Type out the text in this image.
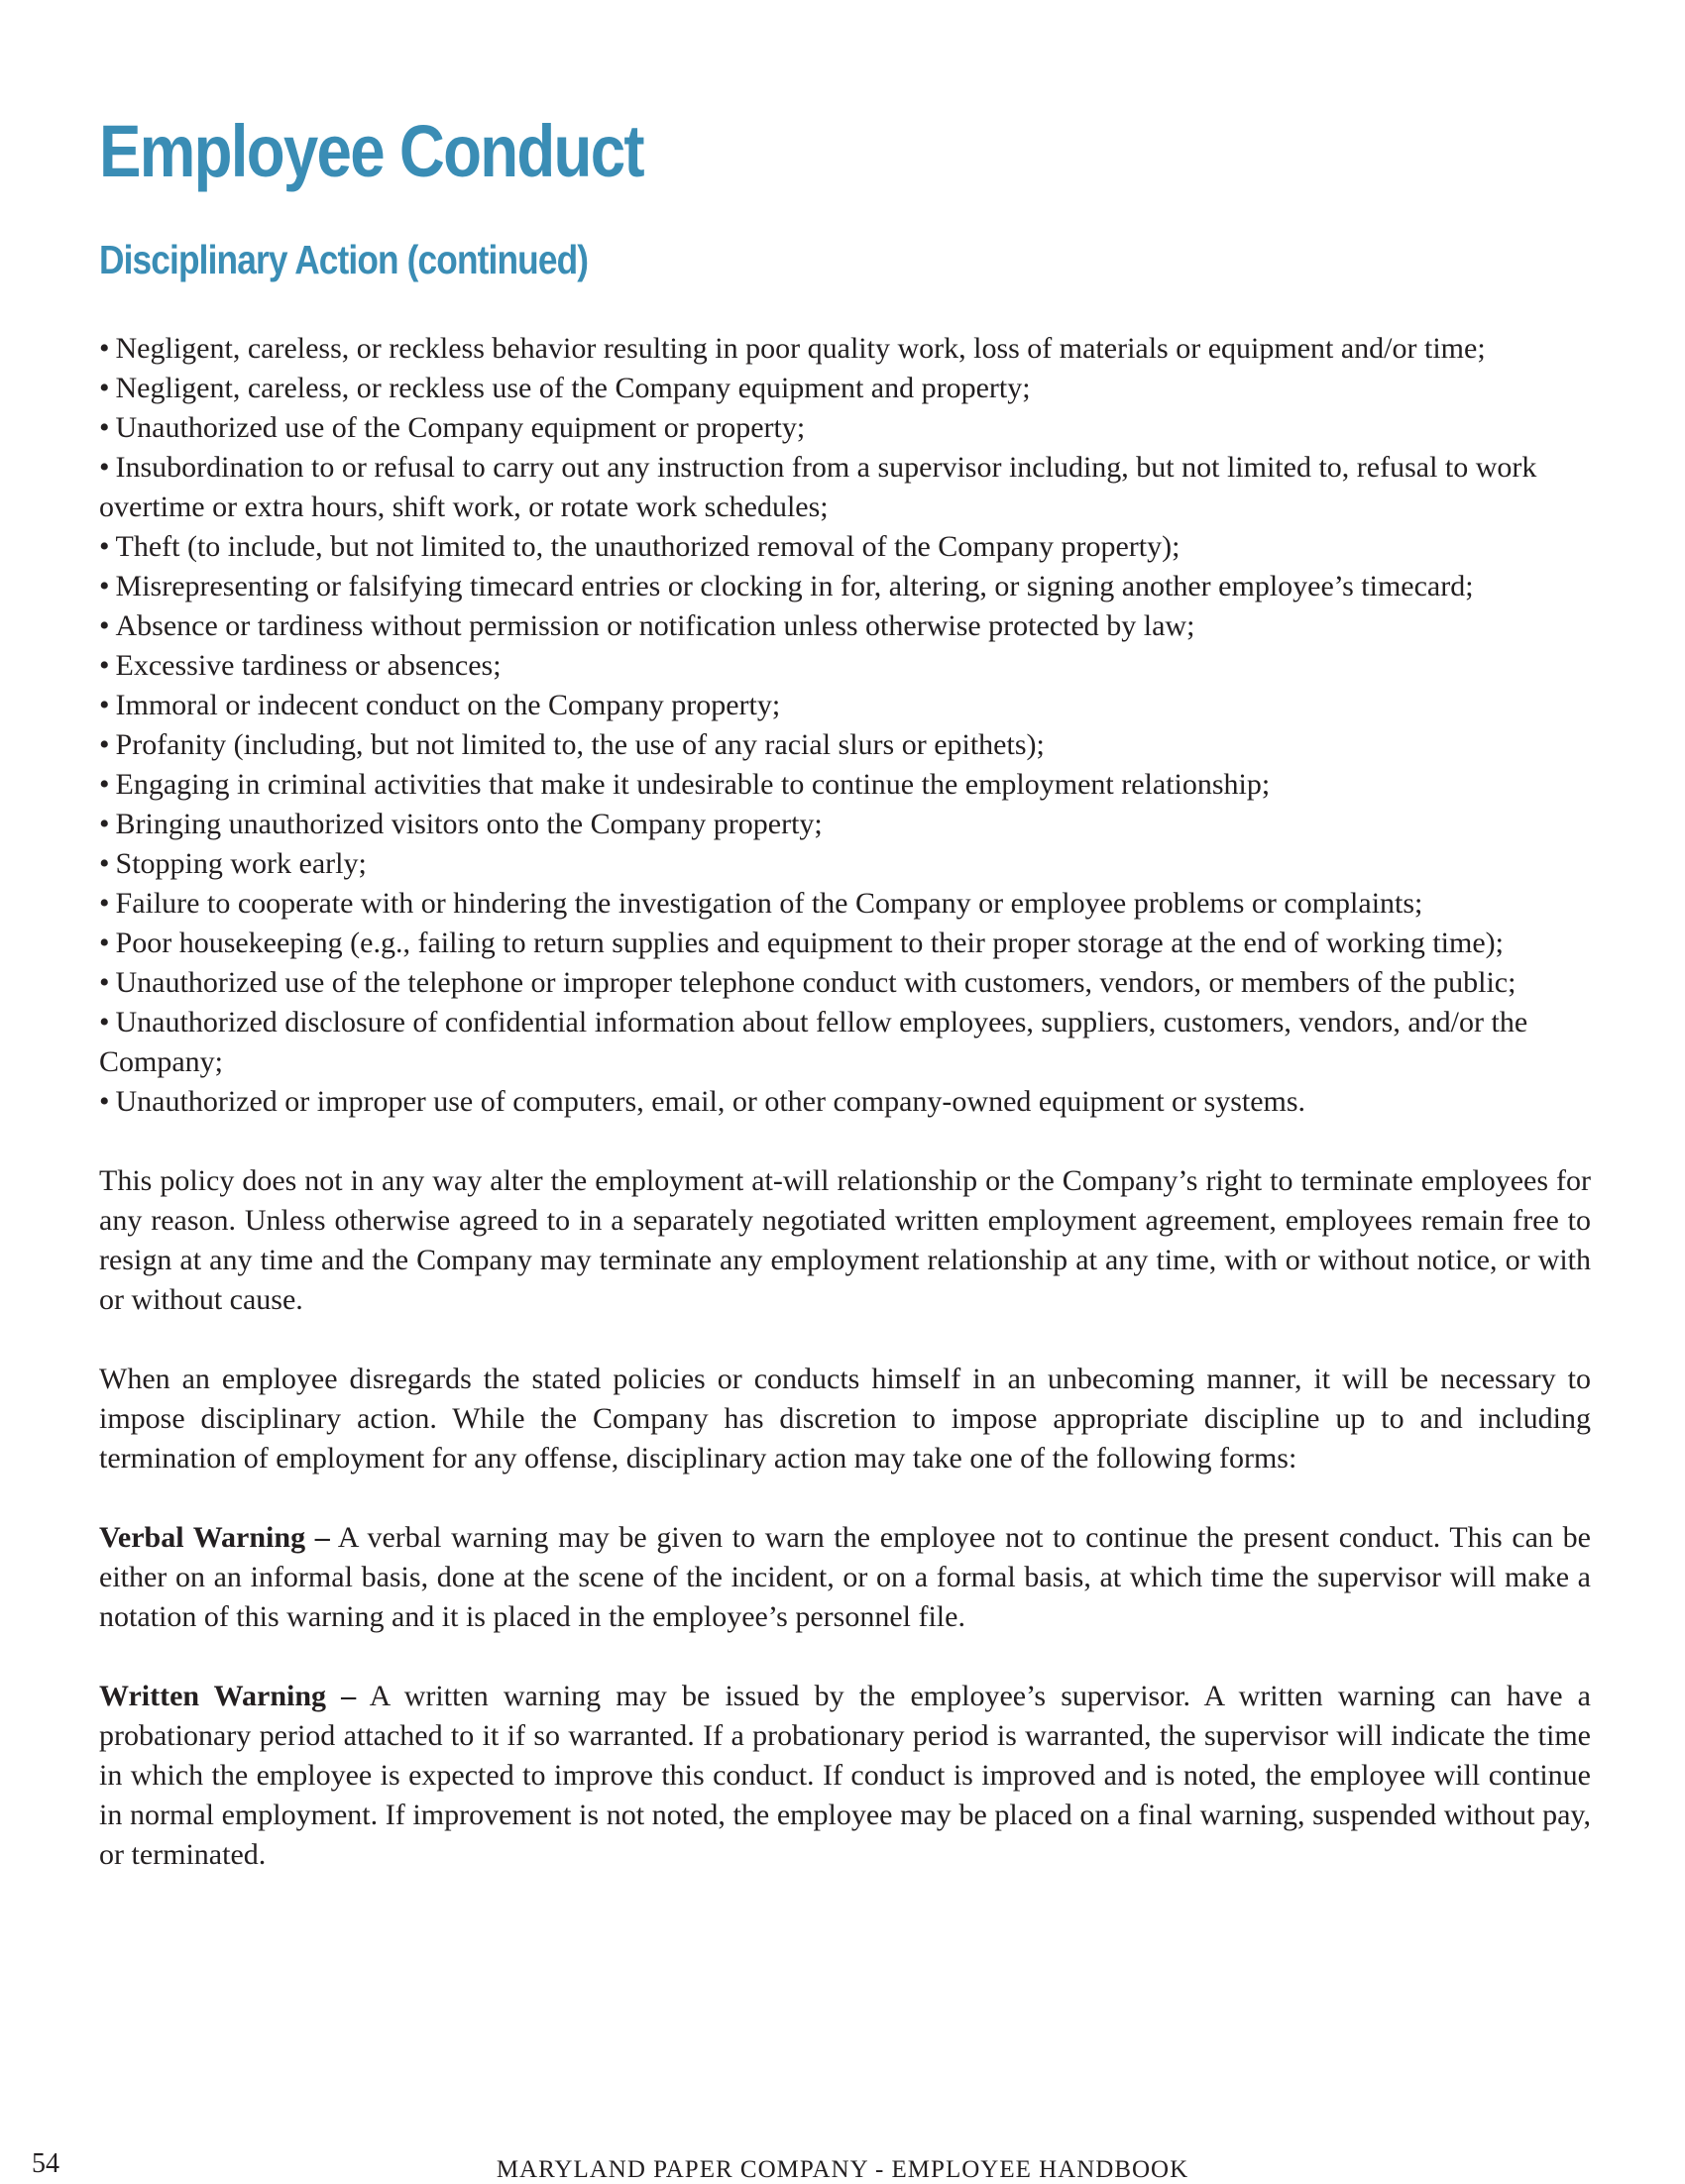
Employee Conduct
Disciplinary Action (continued)
• Negligent, careless, or reckless behavior resulting in poor quality work, loss of materials or equipment and/or time;
• Negligent, careless, or reckless use of the Company equipment and property;
• Unauthorized use of the Company equipment or property;
• Insubordination to or refusal to carry out any instruction from a supervisor including, but not limited to, refusal to work overtime or extra hours, shift work, or rotate work schedules;
• Theft (to include, but not limited to, the unauthorized removal of the Company property);
• Misrepresenting or falsifying timecard entries or clocking in for, altering, or signing another employee’s timecard;
• Absence or tardiness without permission or notification unless otherwise protected by law;
• Excessive tardiness or absences;
• Immoral or indecent conduct on the Company property;
• Profanity (including, but not limited to, the use of any racial slurs or epithets);
• Engaging in criminal activities that make it undesirable to continue the employment relationship;
• Bringing unauthorized visitors onto the Company property;
• Stopping work early;
• Failure to cooperate with or hindering the investigation of the Company or employee problems or complaints;
• Poor housekeeping (e.g., failing to return supplies and equipment to their proper storage at the end of working time);
• Unauthorized use of the telephone or improper telephone conduct with customers, vendors, or members of the public;
• Unauthorized disclosure of confidential information about fellow employees, suppliers, customers, vendors, and/or the Company;
• Unauthorized or improper use of computers, email, or other company-owned equipment or systems.

This policy does not in any way alter the employment at-will relationship or the Company’s right to terminate employees for any reason. Unless otherwise agreed to in a separately negotiated written employment agreement, employees remain free to resign at any time and the Company may terminate any employment relationship at any time, with or without notice, or with or without cause.

When an employee disregards the stated policies or conducts himself in an unbecoming manner, it will be necessary to impose disciplinary action. While the Company has discretion to impose appropriate discipline up to and including termination of employment for any offense, disciplinary action may take one of the following forms:

Verbal Warning – A verbal warning may be given to warn the employee not to continue the present conduct. This can be either on an informal basis, done at the scene of the incident, or on a formal basis, at which time the supervisor will make a notation of this warning and it is placed in the employee’s personnel file.

Written Warning – A written warning may be issued by the employee’s supervisor. A written warning can have a probationary period attached to it if so warranted. If a probationary period is warranted, the supervisor will indicate the time in which the employee is expected to improve this conduct. If conduct is improved and is noted, the employee will continue in normal employment. If improvement is not noted, the employee may be placed on a final warning, suspended without pay, or terminated.

54	MARYLAND PAPER COMPANY - EMPLOYEE HANDBOOK
